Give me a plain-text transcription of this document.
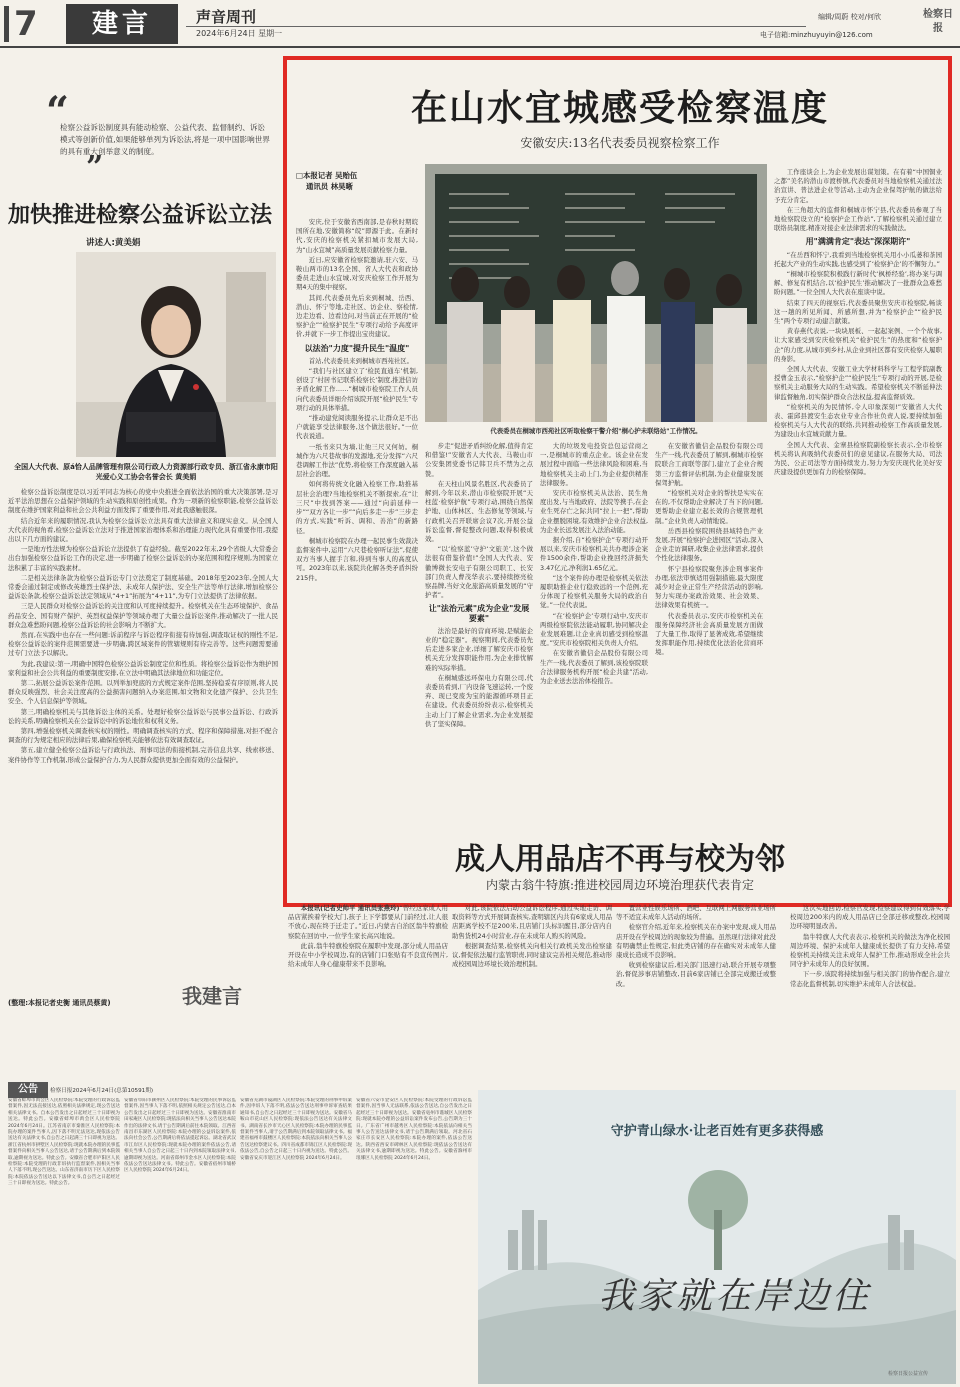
7	建言	声音周刊
2024年6月24日 星期一
编辑/周蔚 校对/何欣
电子信箱:minzhuyuyin@126.com
检察日报
“
检察公益诉讼制度具有能动检察、公益代表、监督制约、诉讼模式等创新价值,如果能够单列为诉讼法,将是一项中国影响世界的具有重大创举意义的制度。
”
加快推进检察公益诉讼立法
讲述人:黄美娟
全国人大代表、原á恰人品牌管理有限公司行政人力资源部行政专员、浙江省永康市阳光爱心义工协会名誉会长 黄美娟

检察公益诉讼制度是以习近平同志为核心的党中央推进全面依法治国的重大决策部署,是习近平法治思想在公益保护领域的生动实践和原创性成果。作为一项新的检察职能,检察公益诉讼制度在维护国家利益和社会公共利益方面发挥了重要作用,对此我感触很深。

结合近年来的履职情况,我认为检察公益诉讼立法具有重大法律意义和现实意义。从全国人大代表的视角看,检察公益诉讼立法对于推进国家治理体系和治理能力现代化具有重要作用,我提出以下几方面的建议。

一是地方性法规为检察公益诉讼立法提供了有益经验。截至2022年末,29个省级人大常委会出台加强检察公益诉讼工作的决定,进一步明确了检察公益诉讼的办案范围和程序规则,为国家立法积累了丰富的实践素材。

二是相关法律条款为检察公益诉讼专门立法奠定了制度基础。2018年至2023年,全国人大常委会通过制定或修改英雄烈士保护法、未成年人保护法、安全生产法等单行法律,增加检察公益诉讼条款,检察公益诉讼法定领域从“4+1”拓展为“4+11”,为专门立法提供了法律依据。

三是人民群众对检察公益诉讼的关注度和认可度持续提升。检察机关在生态环境保护、食品药品安全、国有财产保护、英烈权益保护等领域办理了大量公益诉讼案件,推动解决了一批人民群众急难愁盼问题,检察公益诉讼的社会影响力不断扩大。

然而,在实践中也存在一些问题:诉前程序与诉讼程序衔接有待加强,调查取证权的刚性不足,检察公益诉讼的案件范围需要进一步明确,跨区域案件的管辖规则有待完善等。这些问题需要通过专门立法予以解决。

为此,我建议:第一,明确中国特色检察公益诉讼制度定位和性质。将检察公益诉讼作为维护国家利益和社会公共利益的重要制度安排,在立法中明确其法律地位和功能定位。

第二,拓展公益诉讼案件范围。以列举加兜底的方式规定案件范围,坚持稳妥有序原则,将人民群众反映强烈、社会关注度高的公益损害问题纳入办案范围,如文物和文化遗产保护、公共卫生安全、个人信息保护等领域。

第三,明确检察机关与其他诉讼主体的关系。处理好检察公益诉讼与民事公益诉讼、行政诉讼的关系,明确检察机关在公益诉讼中的诉讼地位和权利义务。

第四,增强检察机关调查核实权的刚性。明确调查核实的方式、程序和保障措施,对拒不配合调查的行为规定相应的法律后果,确保检察机关能够依法有效调查取证。

第五,建立健全检察公益诉讼与行政执法、刑事司法的衔接机制,完善信息共享、线索移送、案件协作等工作机制,形成公益保护合力,为人民群众提供更加全面有效的公益保护。

(整理:本报记者史衡 通讯员蔡黄)	我建言
在山水宜城感受检察温度
安徽安庆:13名代表委员视察检察工作
□本报记者 吴贻伍
通讯员 林昊晰
代表委员在桐城市西苑社区听取检察干警介绍"桐心护未联络站"工作情况。

安庆,位于安徽省西南部,是春秋时期皖国所在地,安徽简称“皖”即源于此。在新时代,安庆的检察机关紧扣城市发展大局,为“山水宜城”高质量发展贡献检察力量。

近日,应安徽省检察院邀请,驻六安、马鞍山两市的13名全国、省人大代表和政协委员走进山水宜城,对安庆检察工作开展为期4天的集中视察。

其间,代表委员先后来到桐城、岳西、潜山、怀宁等地,走社区、访企业、察检情,边走边看、边看边问,对当前正在开展的“检察护企”“检察护民生”专项行动给予高度评价,并就下一步工作提出宝贵建议。

以法治"力度"提升民生"温度"

首站,代表委员来到桐城市西苑社区。

“我们与社区建立了‘检民直通车’机制,创设了‘村居书记联系检察长’制度,推进信访矛盾化解工作……”桐城市检察院工作人员向代表委员详细介绍该院开展“检护民生”专项行动的具体举措。

“推动建党阅读服务提示,让群众足不出户就能享受法律服务,这个做法很好。”一位代表说道。

一纸书来只为墙,让他三尺又何妨。桐城作为六尺巷故事的发源地,充分发挥“六尺巷调解工作法”优势,将检察工作深度融入基层社会治理。

如何将传统文化融入检察工作,助推基层社会治理?当地检察机关不断探索,在“让三尺”中找到答案——通过“向前延伸一步”“双方各让一步”“向后多走一步”三步走的方式,实践“听诉、调和、善治”的新路径。

桐城市检察院在办理一起民事生效裁决监督案件中,运用“六尺巷检察听证法”,促使双方当事人握手言和,得到当事人的高度认可。2023年以来,该院共化解各类矛盾纠纷215件。

步走”促进矛盾纠纷化解,值得肯定和借鉴!”安徽省人大代表、马鞍山市公安集团党委书记韩卫兵不禁为之点赞。

在天柱山风景名胜区,代表委员了解到,今年以来,潜山市检察院开展“天柱蓝·检察护航”专项行动,围绕自然保护地、山体林区、生态修复等领域,与行政机关召开联席会议7次,开展公益诉讼监督,督促整改问题,取得积极成效。

“以‘检察蓝’守护‘文旅美’,这个做法很有借鉴价值!”全国人大代表、安徽博微长安电子有限公司职工、长安部门负责人曹茂华表示,要持续擦亮检察品牌,当好文化旅游高质量发展的“守护者”。

让"法治元素"成为企业"发展要素"

法治是最好的营商环境,是赋能企业的“稳定器”。视察期间,代表委员先后走进多家企业,详细了解安庆市检察机关充分发挥职能作用,为企业排忧解难的实际举措。

在桐城盛远环保电力有限公司,代表委员看到,厂内设备飞速运转,一个废弃、现已变废为宝的能源循环项目正在建设。代表委员纷纷表示,检察机关主动上门了解企业需求,为企业发展提供了坚实保障。

大的垃圾发电投资总包运营商之一,是桐城市的重点企业。该企业在发展过程中面临一些法律风险和困难,当地检察机关主动上门,为企业提供精准法律服务。

安庆市检察机关从法治、民生角度出发,与当地政府、法院等携手,在企业生死存亡之际共同“拉上一把”,帮助企业摆脱困境,有效维护企业合法权益,为企业长远发展注入法治动能。

据介绍,自“检察护企”专项行动开展以来,安庆市检察机关共办理涉企案件1500余件,帮助企业挽回经济损失3.47亿元,净利润1.65亿元。

“这个案件的办理是检察机关依法履职助推企业行稳致远的一个范例,充分体现了检察机关服务大局的政治自觉。”一位代表说。

“在‘检察护企’专项行动中,安庆市两级检察院依法能动履职,协同解决企业发展难题,让企业真切感受到检察温度。”安庆市检察院相关负责人介绍。

在安徽省徽信企品股份有限公司生产一线,代表委员了解到,该检察院联合法律服务机构开展“检企共建”活动,为企业送去法治体检报告。

在安徽省徽信企品股份有限公司生产一线,代表委员了解到,桐城市检察院联合工商联等部门,建立了企业合规第三方监督评估机制,为企业健康发展保驾护航。

“检察机关对企业的帮扶是实实在在的,不仅帮助企业解决了当下的问题,更帮助企业建立起长效的合规管理机制。”企业负责人动情地说。

岳西县检察院围绕县域特色产业发展,开展“检察护企进园区”活动,深入企业走访调研,收集企业法律需求,提供个性化法律服务。

怀宁县检察院聚焦涉企刑事案件办理,依法审慎适用强制措施,最大限度减少对企业正常生产经营活动的影响,努力实现办案政治效果、社会效果、法律效果有机统一。

代表委员表示,安庆市检察机关在服务保障经济社会高质量发展方面做了大量工作,取得了显著成效,希望继续发挥职能作用,持续优化法治化营商环境。

工作座谈会上,为企业发展出谋划策。在有着“中国铜业之都”美名的潜山市渡桥镇,代表委员对当地检察机关通过法治宣讲、普法进企业等活动,主动为企业保驾护航的做法给予充分肯定。

在三角超大的监督和桐城市怀宁县,代表委员参观了当地检察院设立的“检察护企工作站”,了解检察机关通过建立联络员制度,精准对接企业法律需求的实践做法。

用"满满肯定"表达"深深期许"

“在岳西和怀宁,我看到当地检察机关用小小瓜蒌和茶园托起大产业的生动实践,也感受到了‘检察护企’的不懈努力。”

“桐城市检察院积极践行新时代‘枫桥经验’,将办案与调解、修复有机结合,以‘检护民生’推动解决了一批群众急难愁盼问题。”一位全国人大代表在座谈中说。

结束了四天的视察后,代表委员聚焦安庆市检察院,畅谈这一趟的所见所闻、所感所想,并为“检察护企”“检护民生”两个专项行动建言献策。

黄春燕代表说,一块块展板、一起起案例、一个个故事,让大家感受到安庆检察机关“检护民生”的热度和“检察护企”的力度,从城市到乡村,从企业到社区都有安庆检察人履职的身影。

全国人大代表、安徽工业大学材料科学与工程学院副教授曹金玉表示,“检察护企”“检护民生”专项行动的开展,是检察机关主动服务大局的生动实践。希望检察机关不断延伸法律监督触角,切实保护群众合法权益,提高监督质效。

“检察机关的为民情怀,令人印象深刻!”安徽省人大代表、霍邱县渡安生态农业专业合作社负责人说,要持续加强检察机关与人大代表的联络,共同推动检察工作高质量发展,为建设山水宜城贡献力量。

全国人大代表、金寨县检察院副检察长表示,全市检察机关将认真吸纳代表委员们的意见建议,在服务大局、司法为民、公正司法等方面持续发力,努力为安庆现代化美好安庆建设提供更加有力的检察保障。

成人用品店不再与校为邻
内蒙古翁牛特旗:推进校园周边环境治理获代表肯定

本报讯(记者史帅平 通讯员张燕玲)“曾经这家成人用品店紧挨着学校大门,孩子上下学都要从门前经过,让人很不放心,现在终于迁走了。”近日,内蒙古自治区翁牛特旗检察院在回访中,一位学生家长高兴地说。

此前,翁牛特旗检察院在履职中发现,部分成人用品店开设在中小学校周边,有的店铺门口张贴有不良宣传图片,给未成年人身心健康带来不良影响。

对此,该院依法启动公益诉讼程序,通过实地走访、调取资料等方式开展调查核实,查明辖区内共有6家成人用品店距离学校不足200米,且店铺门头标识醒目,部分店内自助售货机24小时营业,存在未成年人购买的风险。

根据调查结果,检察机关向相关行政机关发出检察建议,督促依法履行监管职责,同时建议完善相关规范,推动形成校园周边环境长效治理机制。

置营业性娱乐场所、酒吧、互联网上网服务营业场所等不适宜未成年人活动的场所。

检察官介绍,近年来,检察机关在办案中发现,成人用品店开设在学校周边的现象较为普遍。虽然现行法律对此没有明确禁止性规定,但此类店铺的存在确实对未成年人健康成长造成不良影响。

收到检察建议后,相关部门迅速行动,联合开展专项整治,督促涉事店铺整改,目前6家店铺已全部完成搬迁或整改。

这次实地回访,检察官发现,检察建议得到有效落实,学校周边200米内的成人用品店已全部迁移或整改,校园周边环境明显改善。

翁牛特旗人大代表表示,检察机关的做法为净化校园周边环境、保护未成年人健康成长提供了有力支持,希望检察机关持续关注未成年人保护工作,推动形成全社会共同守护未成年人的良好氛围。

下一步,该院将持续加强与相关部门的协作配合,建立常态化监督机制,切实维护未成年人合法权益。

公告	检察日报2024年6月24日(总第10591期)
安徽省蚌埠市禹会区人民检察院:本院受理的行政诉讼监督案件,因无法直接送达,依照相关法律规定,现公告送达相关法律文书。自本公告发出之日起经过三十日即视为送达。特此公告。安徽省蚌埠市禹会区人民检察院 2024年6月24日。江苏省南京市秦淮区人民检察院:本院办理的案件当事人,因下落不明无法送达,现依法公告送达有关法律文书,自公告之日起满三十日即视为送达。浙江省杭州市拱墅区人民检察院:现就本院办理的民事监督案件向相关当事人公告送达,请于公告期满后到本院领取,逾期视为送达。特此公告。安徽省合肥市庐阳区人民检察院:本院受理的行政非诉执行监督案件,因相关当事人下落不明,现公告送达。山东省济南市历下区人民检察院:本院依法公告送达以下法律文书,自公告之日起经过三十日即视为送达。特此公告。
安徽省阜阳市颍州区人民检察院:本院受理的民事诉讼监督案件,因当事人下落不明,依照相关规定公告送达,自本公告发出之日起经过三十日即视为送达。安徽省淮南市田家庵区人民检察院:现依法向相关当事人公告送达本院作出的法律文书,请于公告期满后前往本院领取。江西省南昌市东湖区人民检察院:本院办理的公益诉讼案件,依法向社会公告,公告期满后将依法提起诉讼。湖北省武汉市江岸区人民检察院:现就本院办理的案件依法公告,请相关当事人自公告之日起三十日内到本院领取法律文书,逾期即视为送达。河南省郑州市金水区人民检察院:本院依法公告送达法律文书。特此公告。安徽省宿州市埇桥区人民检察院 2024年6月24日。
安徽省芜湖市镜湖区人民检察院:本院受理的刑事申诉案件,因申诉人下落不明,依法公告送达刑事申诉审查结果通知书,自公告之日起经过三十日即视为送达。安徽省马鞍山市花山区人民检察院:现依法公告送达有关法律文书。湖南省长沙市天心区人民检察院:本院办理的民事监督案件当事人,请于公告期满后到本院领取法律文书。福建省福州市鼓楼区人民检察院:本院依法向相关当事人公告送达检察建议书。四川省成都市锦江区人民检察院:现依法公告,自公告之日起三十日内视为送达。特此公告。安徽省安庆市迎江区人民检察院 2024年6月24日。
安徽省六安市金安区人民检察院:本院受理的行政诉讼监督案件,因当事人无法联系,依法公告送达,自公告发出之日起经过三十日即视为送达。安徽省亳州市谯城区人民检察院:现就本院办理的公益诉讼案件发布公告,公告期为三十日。广东省广州市越秀区人民检察院:本院依法向相关当事人公告送达法律文书,请于公告期满后领取。河北省石家庄市长安区人民检察院:本院办理的案件,依法公告送达。陕西省西安市碑林区人民检察院:现依法公告送达有关法律文书,逾期即视为送达。特此公告。安徽省滁州市琅琊区人民检察院 2024年6月24日。
守护青山绿水·让老百姓有更多获得感
我家就在岸边住
检察日报公益宣传
